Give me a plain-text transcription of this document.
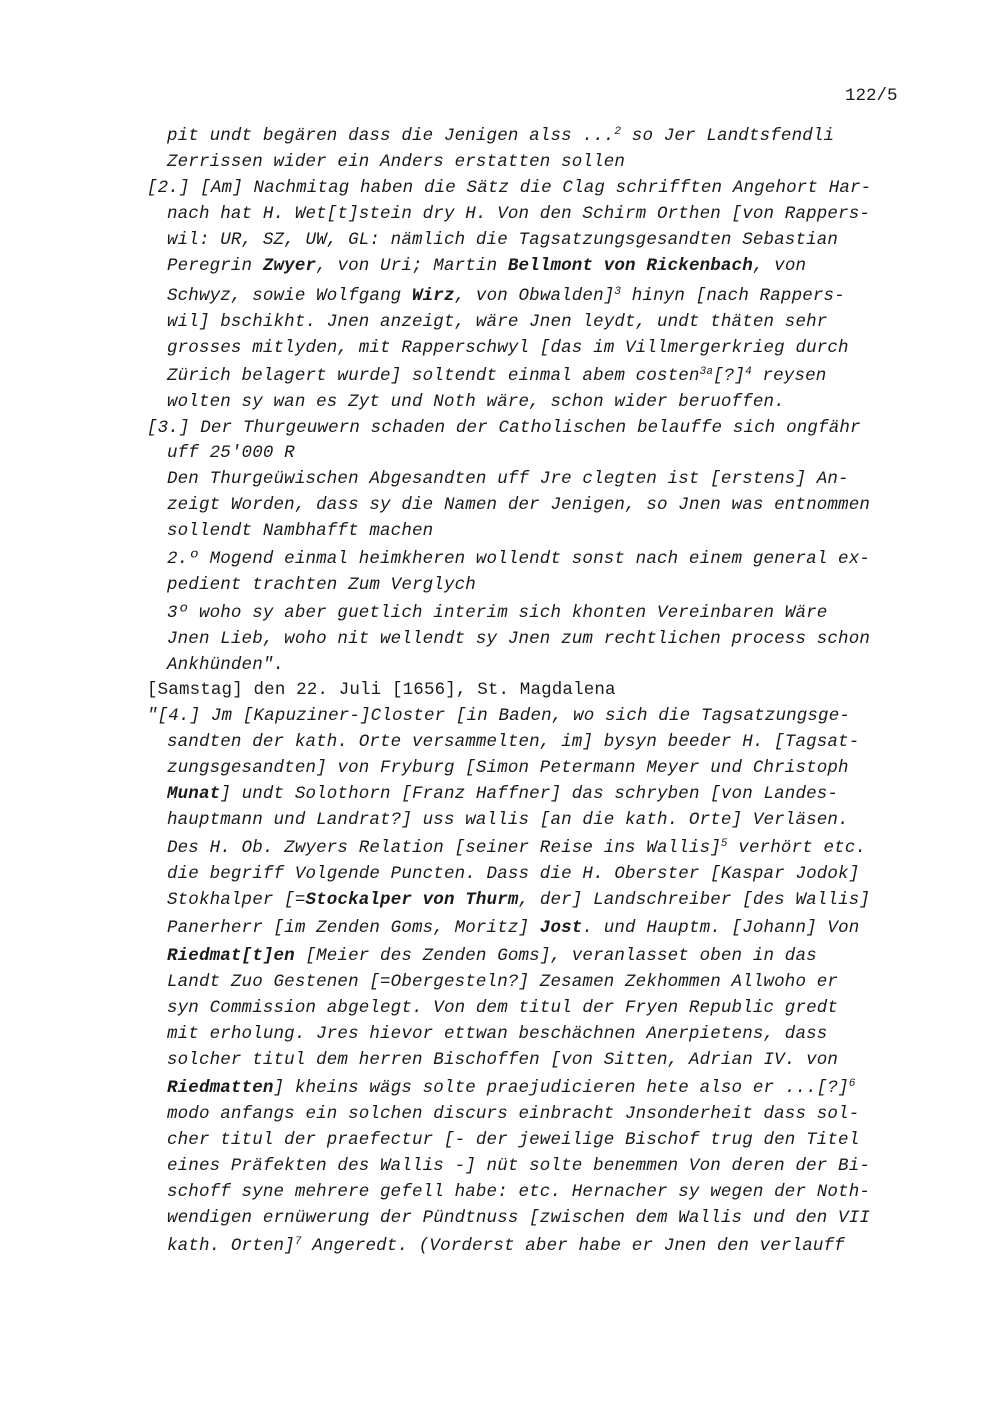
122/5
pit undt begären dass die Jenigen alss ...$^2$ so Jer Landtsfendli
Zerrissen wider ein Anders erstatten sollen
[2.] [Am] Nachmitag haben die Sätz die Clag schrifften Angehort Har-
nach hat H. Wet[t]stein dry H. Von den Schirm Orthen [von Rappers-
wil: UR, SZ, UW, GL: nämlich die Tagsatzungsgesandten Sebastian
Peregrin Zwyer, von Uri; Martin Bellmont von Rickenbach, von
Schwyz, sowie Wolfgang Wirz, von Obwalden]$^3$ hinyn [nach Rappers-
wil] bschikht. Jnen anzeigt, wäre Jnen leydt, undt thäten sehr
grosses mitlyden, mit Rapperschwyl [das im Villmergerkrieg durch
Zürich belagert wurde] soltendt einmal abem costen$^{3a}$[?]$^4$ reysen
wolten sy wan es Zyt und Noth wäre, schon wider beruoffen.
[3.] Der Thurgeuwern schaden der Catholischen belauffe sich ongfähr
uff 25'000 R
Den Thurgeüwischen Abgesandten uff Jre clegten ist [erstens] An-
zeigt Worden, dass sy die Namen der Jenigen, so Jnen was entnommen
sollendt Nambhafft machen
2.º Mogend einmal heimkheren wollendt sonst nach einem general ex-
pedient trachten Zum Verglych
3º woho sy aber guetlich interim sich khonten Vereinbaren Wäre
Jnen Lieb, woho nit wellendt sy Jnen zum rechtlichen process schon
Ankhünden".
[Samstag] den 22. Juli [1656], St. Magdalena
"[4.] Jm [Kapuziner-]Closter [in Baden, wo sich die Tagsatzungsge-
sandten der kath. Orte versammelten, im] bysyn beeder H. [Tagsat-
zungsgesandten] von Fryburg [Simon Petermann Meyer und Christoph
Munat] undt Solothorn [Franz Haffner] das schryben [von Landes-
hauptmann und Landrat?] uss wallis [an die kath. Orte] Verläsen.
Des H. Ob. Zwyers Relation [seiner Reise ins Wallis]$^5$ verhört etc.
die begriff Volgende Puncten. Dass die H. Oberster [Kaspar Jodok]
Stokhalper [=Stockalper von Thurm, der] Landschreiber [des Wallis]
Panerherr [im Zenden Goms, Moritz] Jost. und Hauptm. [Johann] Von
Riedmat[t]en [Meier des Zenden Goms], veranlasset oben in das
Landt Zuo Gestenen [=Obergesteln?] Zesamen Zekhommen Allwoho er
syn Commission abgelegt. Von dem titul der Fryen Republic gredt
mit erholung. Jres hievor ettwan beschächnen Anerpietens, dass
solcher titul dem herren Bischoffen [von Sitten, Adrian IV. von
Riedmatten] kheins wägs solte praejudicieren hete also er ...[?]$^6$
modo anfangs ein solchen discurs einbracht Jnsonderheit dass sol-
cher titul der praefectur [- der jeweilige Bischof trug den Titel
eines Präfekten des Wallis -] nüt solte benemmen Von deren der Bi-
schoff syne mehrere gefell habe: etc. Hernacher sy wegen der Noth-
wendigen ernüwerung der Pündtnuss [zwischen dem Wallis und den VII
kath. Orten]$^7$ Angeredt. (Vorderst aber habe er Jnen den verlauff
